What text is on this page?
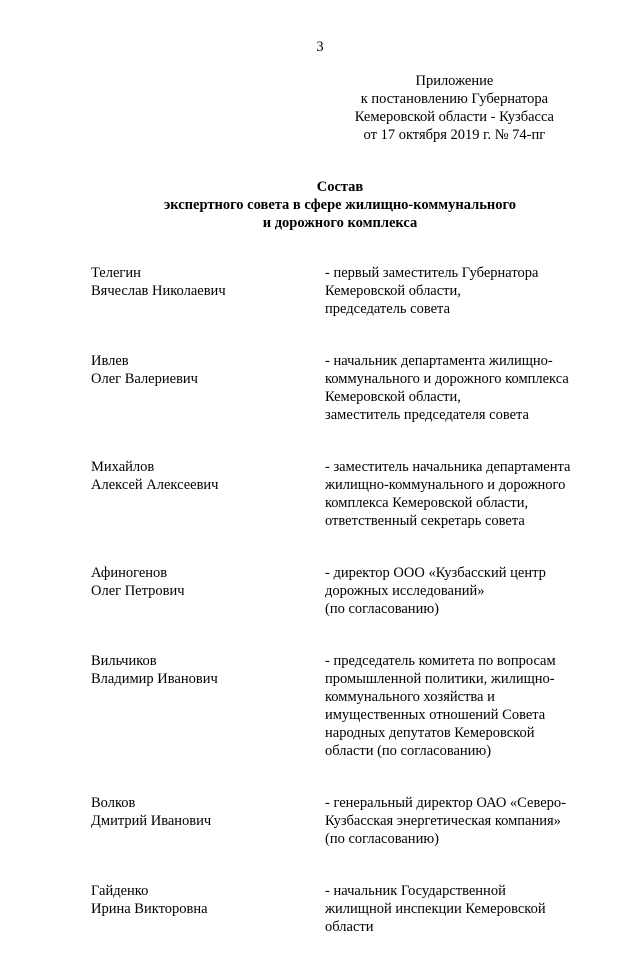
3
Приложение
к постановлению Губернатора
Кемеровской области - Кузбасса
от 17 октября 2019 г. № 74-пг
Состав
экспертного совета в сфере жилищно-коммунального
и дорожного комплекса
Телегин
Вячеслав Николаевич
- первый заместитель Губернатора
Кемеровской области,
председатель совета
Ивлев
Олег Валериевич
- начальник департамента жилищно-
коммунального и дорожного комплекса
Кемеровской области,
заместитель председателя совета
Михайлов
Алексей Алексеевич
- заместитель начальника департамента
жилищно-коммунального и дорожного
комплекса Кемеровской области,
ответственный секретарь совета
Афиногенов
Олег Петрович
- директор ООО «Кузбасский центр
дорожных исследований»
(по согласованию)
Вильчиков
Владимир Иванович
- председатель комитета по вопросам
промышленной политики, жилищно-
коммунального хозяйства и
имущественных отношений Совета
народных депутатов Кемеровской
области (по согласованию)
Волков
Дмитрий Иванович
- генеральный директор ОАО «Северо-
Кузбасская энергетическая компания»
(по согласованию)
Гайденко
Ирина Викторовна
- начальник Государственной
жилищной инспекции Кемеровской
области
